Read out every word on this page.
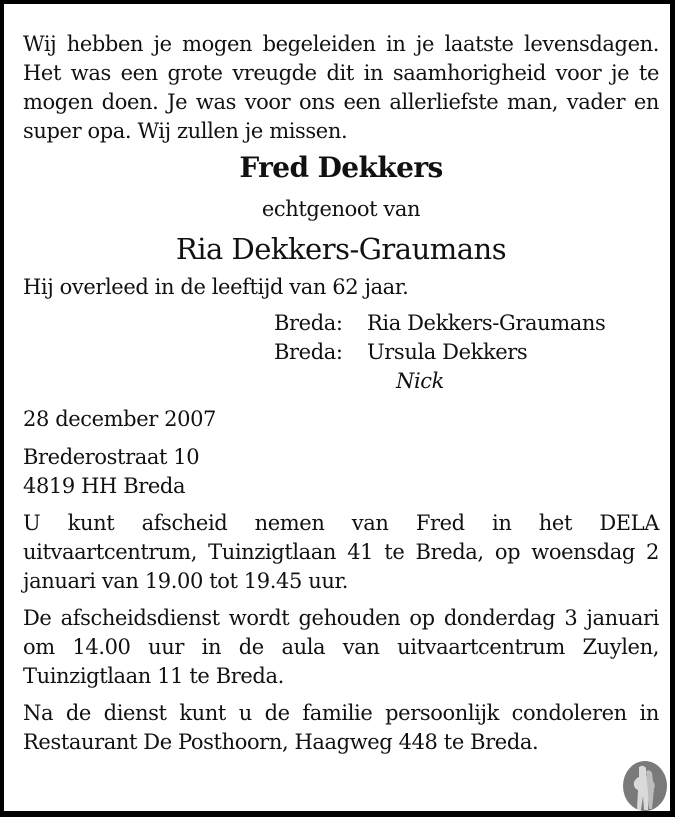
Wij hebben je mogen begeleiden in je laatste levensdagen. Het was een grote vreugde dit in saamhorigheid voor je te mogen doen. Je was voor ons een allerliefste man, vader en super opa. Wij zullen je missen.

Fred Dekkers

echtgenoot van

Ria Dekkers-Graumans

Hij overleed in de leeftijd van 62 jaar.

Breda:	Ria Dekkers-Graumans
Breda:	Ursula Dekkers
Nick

28 december 2007

Brederostraat 10

4819 HH Breda

U kunt afscheid nemen van Fred in het DELA uitvaartcentrum, Tuinzigtlaan 41 te Breda, op woensdag 2 januari van 19.00 tot 19.45 uur.

De afscheidsdienst wordt gehouden op donderdag 3 januari om 14.00 uur in de aula van uitvaartcentrum Zuylen, Tuinzigtlaan 11 te Breda.

Na de dienst kunt u de familie persoonlijk condoleren in Restaurant De Posthoorn, Haagweg 448 te Breda.
